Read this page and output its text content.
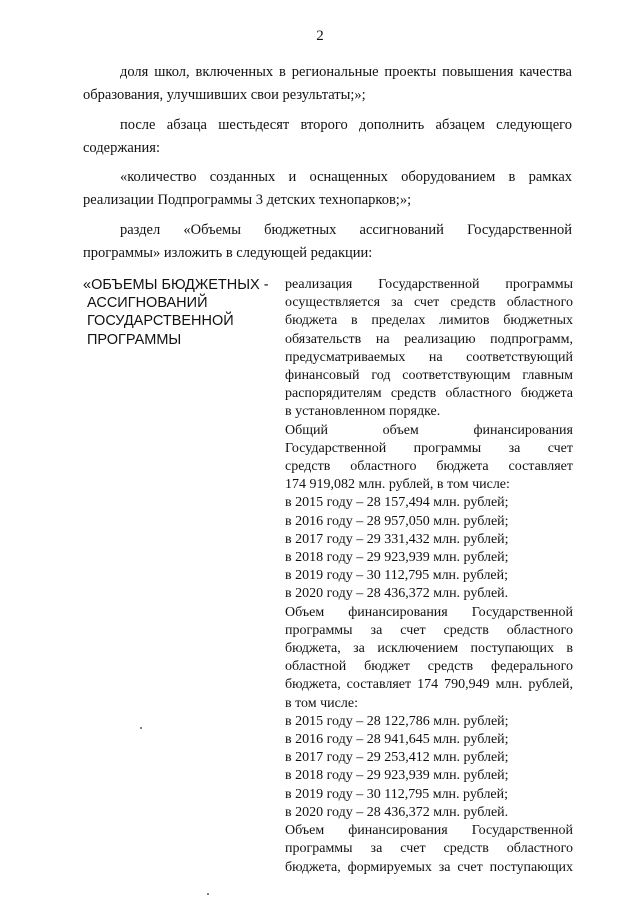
2
доля школ, включенных в региональные проекты повышения качества
образования, улучшивших свои результаты;»;
после абзаца шестьдесят второго дополнить абзацем следующего
содержания:
«количество созданных и оснащенных оборудованием в рамках
реализации Подпрограммы 3 детских технопарков;»;
раздел «Объемы бюджетных ассигнований Государственной
программы» изложить в следующей редакции:
«ОБЪЕМЫ БЮДЖЕТНЫХ -
АССИГНОВАНИЙ
ГОСУДАРСТВЕННОЙ
ПРОГРАММЫ
реализация Государственной программы
осуществляется за счет средств областного
бюджета в пределах лимитов бюджетных
обязательств на реализацию подпрограмм,
предусматриваемых на соответствующий
финансовый год соответствующим главным
распорядителям средств областного бюджета
в установленном порядке.
Общий объем финансирования
Государственной программы за счет
средств областного бюджета составляет
174 919,082 млн. рублей, в том числе:
в 2015 году – 28 157,494 млн. рублей;
в 2016 году – 28 957,050 млн. рублей;
в 2017 году – 29 331,432 млн. рублей;
в 2018 году – 29 923,939 млн. рублей;
в 2019 году – 30 112,795 млн. рублей;
в 2020 году – 28 436,372 млн. рублей.
Объем финансирования Государственной
программы за счет средств областного
бюджета, за исключением поступающих в
областной бюджет средств федерального
бюджета, составляет 174 790,949 млн. рублей,
в том числе:
в 2015 году – 28 122,786 млн. рублей;
в 2016 году – 28 941,645 млн. рублей;
в 2017 году – 29 253,412 млн. рублей;
в 2018 году – 29 923,939 млн. рублей;
в 2019 году – 30 112,795 млн. рублей;
в 2020 году – 28 436,372 млн. рублей.
Объем финансирования Государственной
программы за счет средств областного
бюджета, формируемых за счет поступающих
